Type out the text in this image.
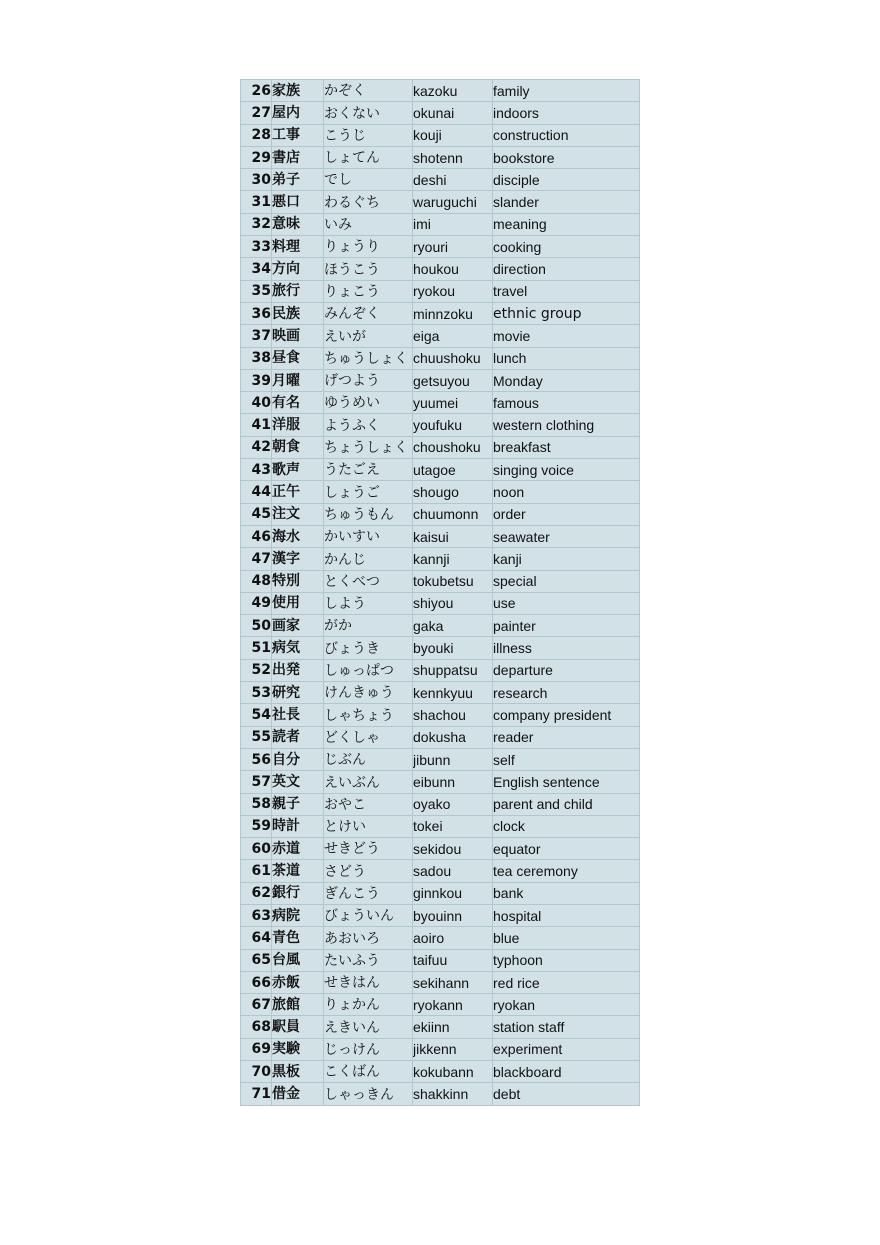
26	家族	かぞく	kazoku	family
27	屋内	おくない	okunai	indoors
28	工事	こうじ	kouji	construction
29	書店	しょてん	shotenn	bookstore
30	弟子	でし	deshi	disciple
31	悪口	わるぐち	waruguchi	slander
32	意味	いみ	imi	meaning
33	料理	りょうり	ryouri	cooking
34	方向	ほうこう	houkou	direction
35	旅行	りょこう	ryokou	travel
36	民族	みんぞく	minnzoku	ethnic group
37	映画	えいが	eiga	movie
38	昼食	ちゅうしょく	chuushoku	lunch
39	月曜	げつよう	getsuyou	Monday
40	有名	ゆうめい	yuumei	famous
41	洋服	ようふく	youfuku	western clothing
42	朝食	ちょうしょく	choushoku	breakfast
43	歌声	うたごえ	utagoe	singing voice
44	正午	しょうご	shougo	noon
45	注文	ちゅうもん	chuumonn	order
46	海水	かいすい	kaisui	seawater
47	漢字	かんじ	kannji	kanji
48	特別	とくべつ	tokubetsu	special
49	使用	しよう	shiyou	use
50	画家	がか	gaka	painter
51	病気	びょうき	byouki	illness
52	出発	しゅっぱつ	shuppatsu	departure
53	研究	けんきゅう	kennkyuu	research
54	社長	しゃちょう	shachou	company president
55	読者	どくしゃ	dokusha	reader
56	自分	じぶん	jibunn	self
57	英文	えいぶん	eibunn	English sentence
58	親子	おやこ	oyako	parent and child
59	時計	とけい	tokei	clock
60	赤道	せきどう	sekidou	equator
61	茶道	さどう	sadou	tea ceremony
62	銀行	ぎんこう	ginnkou	bank
63	病院	びょういん	byouinn	hospital
64	青色	あおいろ	aoiro	blue
65	台風	たいふう	taifuu	typhoon
66	赤飯	せきはん	sekihann	red rice
67	旅館	りょかん	ryokann	ryokan
68	駅員	えきいん	ekiinn	station staff
69	実験	じっけん	jikkenn	experiment
70	黒板	こくばん	kokubann	blackboard
71	借金	しゃっきん	shakkinn	debt
